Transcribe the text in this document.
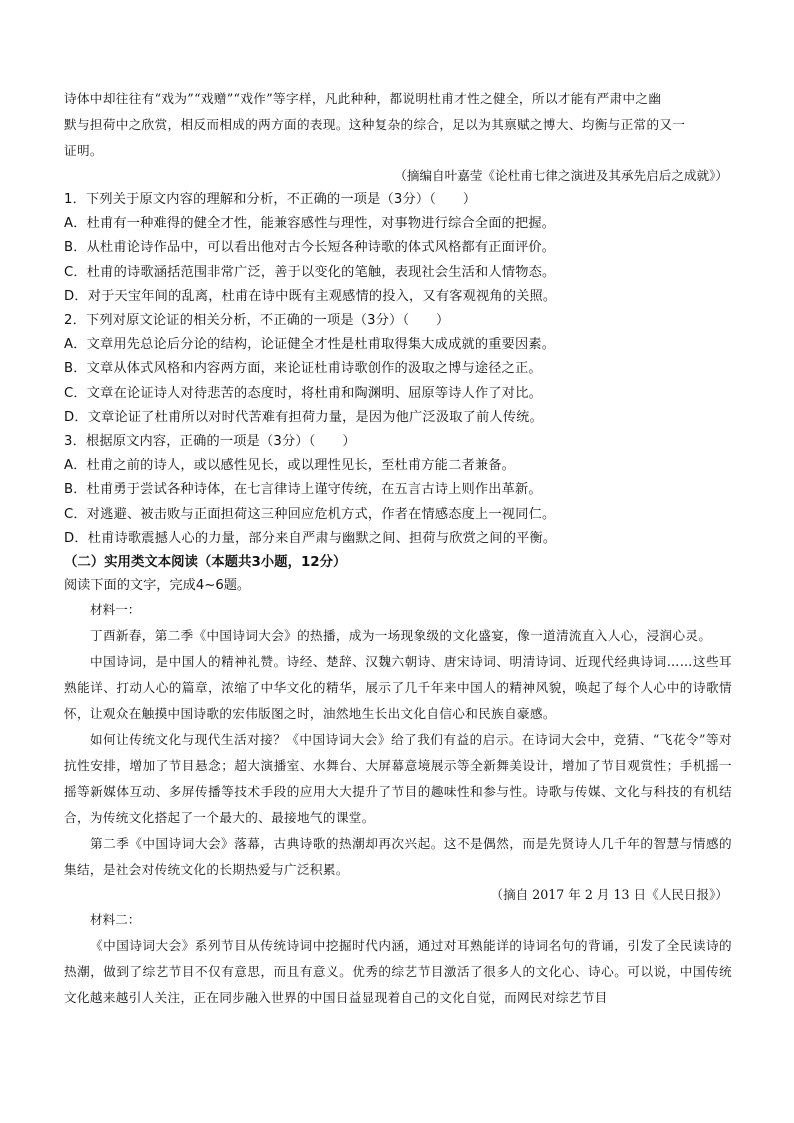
诗体中却往往有“戏为”“戏赠”“戏作”等字样，凡此种种，都说明杜甫才性之健全，所以才能有严肃中之幽

默与担荷中之欣赏，相反而相成的两方面的表现。这种复杂的综合，足以为其禀赋之博大、均衡与正常的又一

证明。

（摘编自叶嘉莹《论杜甫七律之演进及其承先启后之成就》）

1．下列关于原文内容的理解和分析，不正确的一项是（3分）（　　）

A．杜甫有一种难得的健全才性，能兼容感性与理性，对事物进行综合全面的把握。

B．从杜甫论诗作品中，可以看出他对古今长短各种诗歌的体式风格都有正面评价。

C．杜甫的诗歌涵括范围非常广泛，善于以变化的笔触，表现社会生活和人情物态。

D．对于天宝年间的乱离，杜甫在诗中既有主观感情的投入，又有客观视角的关照。

2．下列对原文论证的相关分析，不正确的一项是（3分）（　　）

A．文章用先总论后分论的结构，论证健全才性是杜甫取得集大成成就的重要因素。

B．文章从体式风格和内容两方面，来论证杜甫诗歌创作的汲取之博与途径之正。

C．文章在论证诗人对待悲苦的态度时，将杜甫和陶渊明、屈原等诗人作了对比。

D．文章论证了杜甫所以对时代苦难有担荷力量，是因为他广泛汲取了前人传统。

3．根据原文内容，正确的一项是（3分）（　　）

A．杜甫之前的诗人，或以感性见长，或以理性见长，至杜甫方能二者兼备。

B．杜甫勇于尝试各种诗体，在七言律诗上谨守传统，在五言古诗上则作出革新。

C．对逃避、被击败与正面担荷这三种回应危机方式，作者在情感态度上一视同仁。

D．杜甫诗歌震撼人心的力量，部分来自严肃与幽默之间、担荷与欣赏之间的平衡。

（二）实用类文本阅读（本题共3小题，12分）

阅读下面的文字，完成4~6题。

材料一：

丁酉新春，第二季《中国诗词大会》的热播，成为一场现象级的文化盛宴，像一道清流直入人心，浸润心灵。

中国诗词，是中国人的精神礼赞。诗经、楚辞、汉魏六朝诗、唐宋诗词、明清诗词、近现代经典诗词……这些耳熟能详、打动人心的篇章，浓缩了中华文化的精华，展示了几千年来中国人的精神风貌，唤起了每个人心中的诗歌情怀，让观众在触摸中国诗歌的宏伟版图之时，油然地生长出文化自信心和民族自豪感。

如何让传统文化与现代生活对接？《中国诗词大会》给了我们有益的启示。在诗词大会中，竞猜、“飞花令”等对抗性安排，增加了节目悬念；超大演播室、水舞台、大屏幕意境展示等全新舞美设计，增加了节目观赏性；手机摇一摇等新媒体互动、多屏传播等技术手段的应用大大提升了节目的趣味性和参与性。诗歌与传媒、文化与科技的有机结合，为传统文化搭起了一个最大的、最接地气的课堂。

第二季《中国诗词大会》落幕，古典诗歌的热潮却再次兴起。这不是偶然，而是先贤诗人几千年的智慧与情感的集结，是社会对传统文化的长期热爱与广泛积累。

（摘自 2017 年 2 月 13 日《人民日报》）

材料二：

《中国诗词大会》系列节目从传统诗词中挖掘时代内涵，通过对耳熟能详的诗词名句的背诵，引发了全民读诗的热潮，做到了综艺节目不仅有意思，而且有意义。优秀的综艺节目激活了很多人的文化心、诗心。可以说，中国传统文化越来越引人关注，正在同步融入世界的中国日益显现着自己的文化自觉，而网民对综艺节目
